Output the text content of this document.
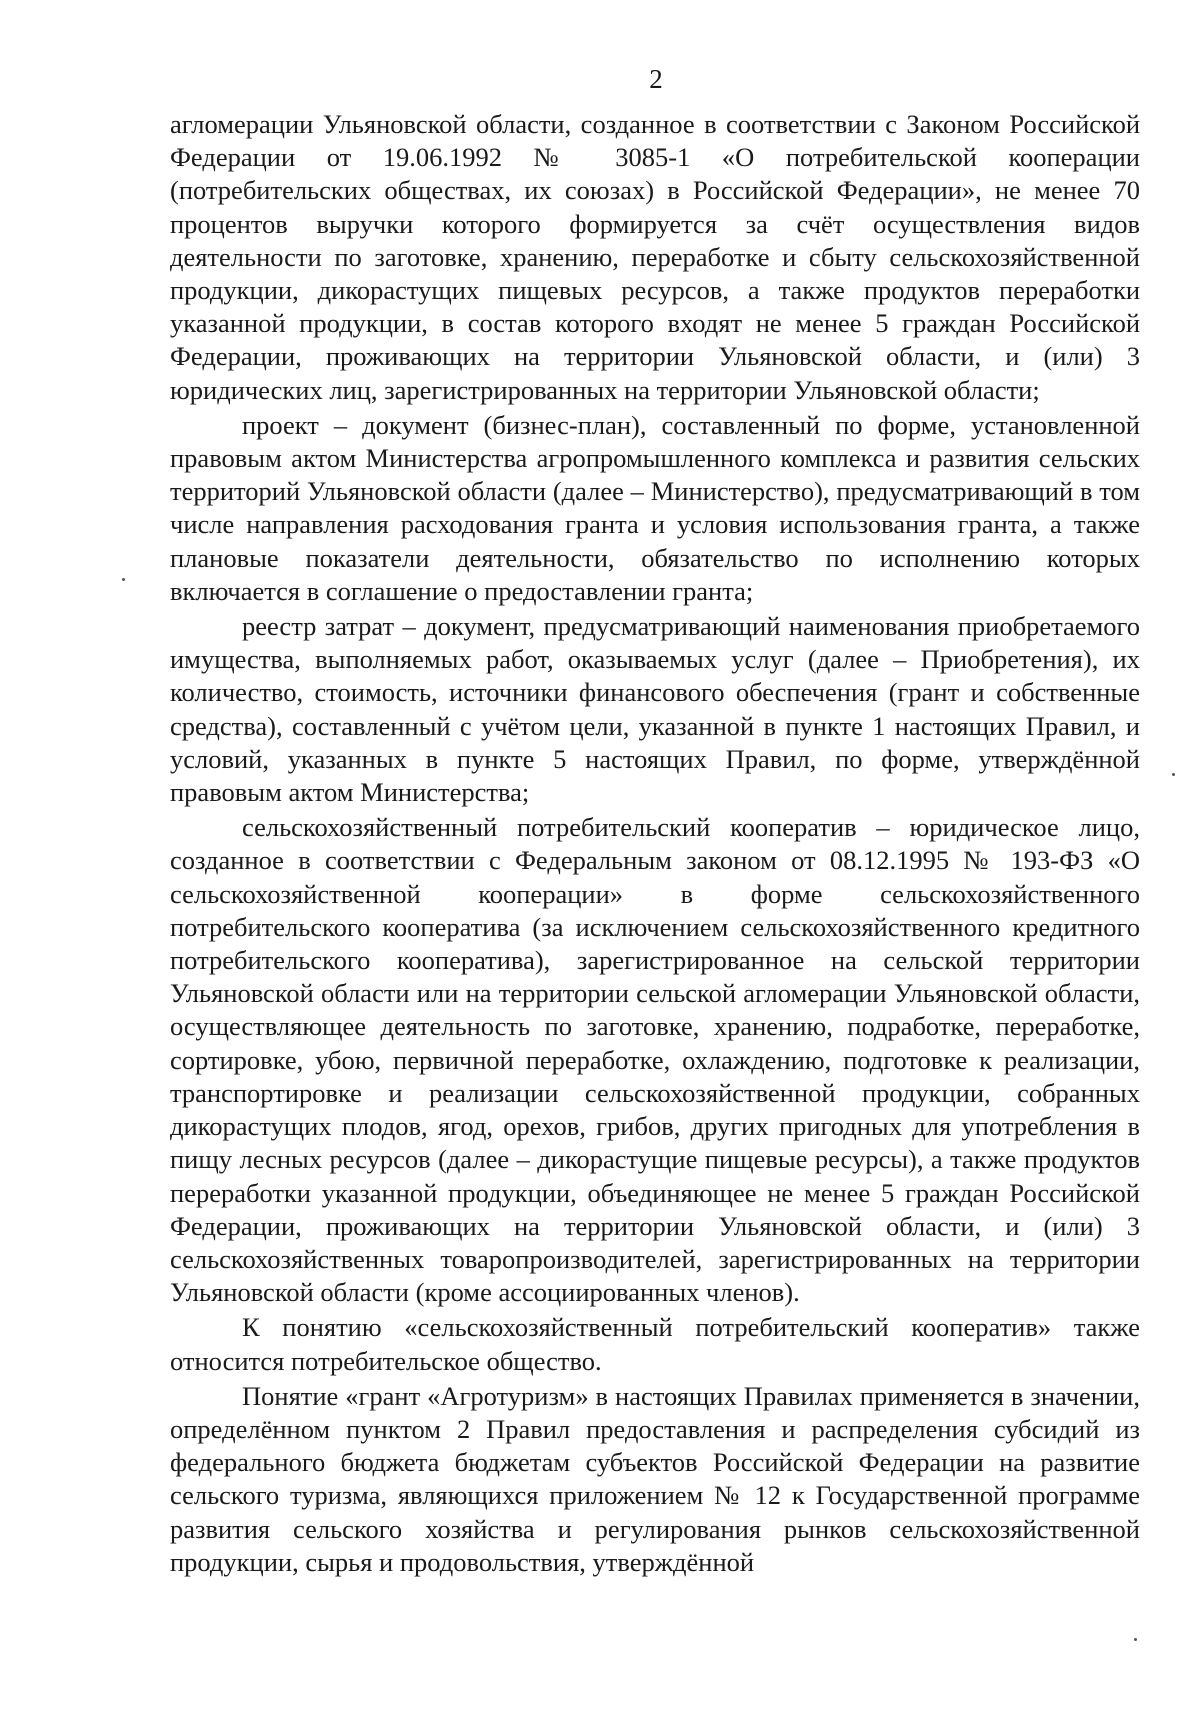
2

агломерации Ульяновской области, созданное в соответствии с Законом Российской Федерации от 19.06.1992 № 3085-1 «О потребительской кооперации (потребительских обществах, их союзах) в Российской Федерации», не менее 70 процентов выручки которого формируется за счёт осуществления видов деятельности по заготовке, хранению, переработке и сбыту сельскохозяйственной продукции, дикорастущих пищевых ресурсов, а также продуктов переработки указанной продукции, в состав которого входят не менее 5 граждан Российской Федерации, проживающих на территории Ульяновской области, и (или) 3 юридических лиц, зарегистрированных на территории Ульяновской области;

проект – документ (бизнес-план), составленный по форме, установленной правовым актом Министерства агропромышленного комплекса и развития сельских территорий Ульяновской области (далее – Министерство), предусматривающий в том числе направления расходования гранта и условия использования гранта, а также плановые показатели деятельности, обязательство по исполнению которых включается в соглашение о предоставлении гранта;

реестр затрат – документ, предусматривающий наименования приобретаемого имущества, выполняемых работ, оказываемых услуг (далее – Приобретения), их количество, стоимость, источники финансового обеспечения (грант и собственные средства), составленный с учётом цели, указанной в пункте 1 настоящих Правил, и условий, указанных в пункте 5 настоящих Правил, по форме, утверждённой правовым актом Министерства;

сельскохозяйственный потребительский кооператив – юридическое лицо, созданное в соответствии с Федеральным законом от 08.12.1995 № 193-ФЗ «О сельскохозяйственной кооперации» в форме сельскохозяйственного потребительского кооператива (за исключением сельскохозяйственного кредитного потребительского кооператива), зарегистрированное на сельской территории Ульяновской области или на территории сельской агломерации Ульяновской области, осуществляющее деятельность по заготовке, хранению, подработке, переработке, сортировке, убою, первичной переработке, охлаждению, подготовке к реализации, транспортировке и реализации сельскохозяйственной продукции, собранных дикорастущих плодов, ягод, орехов, грибов, других пригодных для употребления в пищу лесных ресурсов (далее – дикорастущие пищевые ресурсы), а также продуктов переработки указанной продукции, объединяющее не менее 5 граждан Российской Федерации, проживающих на территории Ульяновской области, и (или) 3 сельскохозяйственных товаропроизводителей, зарегистрированных на территории Ульяновской области (кроме ассоциированных членов).

К понятию «сельскохозяйственный потребительский кооператив» также относится потребительское общество.

Понятие «грант «Агротуризм» в настоящих Правилах применяется в значении, определённом пунктом 2 Правил предоставления и распределения субсидий из федерального бюджета бюджетам субъектов Российской Федерации на развитие сельского туризма, являющихся приложением № 12 к Государственной программе развития сельского хозяйства и регулирования рынков сельскохозяйственной продукции, сырья и продовольствия, утверждённой
